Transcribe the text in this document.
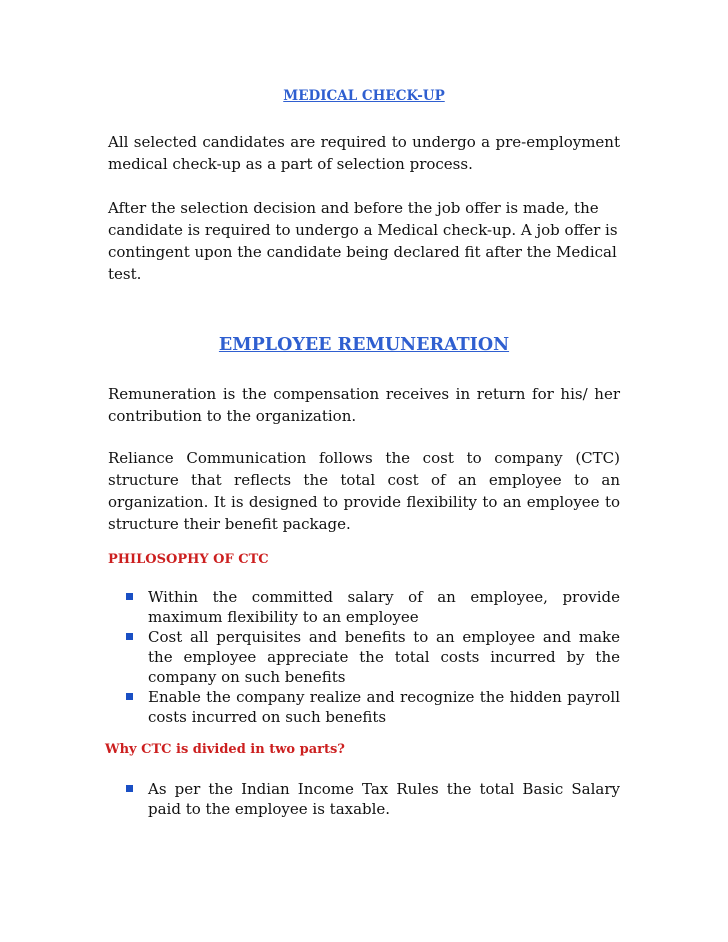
MEDICAL CHECK-UP

All selected candidates are required to undergo a pre-employment medical check-up as a part of selection process.

After the selection decision and before the job offer is made, the candidate is required to undergo a Medical check-up. A job offer is contingent upon the candidate being declared fit after the Medical test.

EMPLOYEE REMUNERATION

Remuneration is the compensation receives in return for his/ her contribution to the organization.

Reliance Communication follows the cost to company (CTC) structure that reflects the total cost of an employee to an organization. It is designed to provide flexibility to an employee to structure their benefit package.

PHILOSOPHY OF CTC
Within the committed salary of an employee, provide maximum flexibility to an employee
Cost all perquisites and benefits to an employee and make the employee appreciate the total costs incurred by the company on such benefits
Enable the company realize and recognize the hidden payroll costs incurred on such benefits
Why CTC is divided in two parts?
As per the Indian Income Tax Rules the total Basic Salary paid to the employee is taxable.
